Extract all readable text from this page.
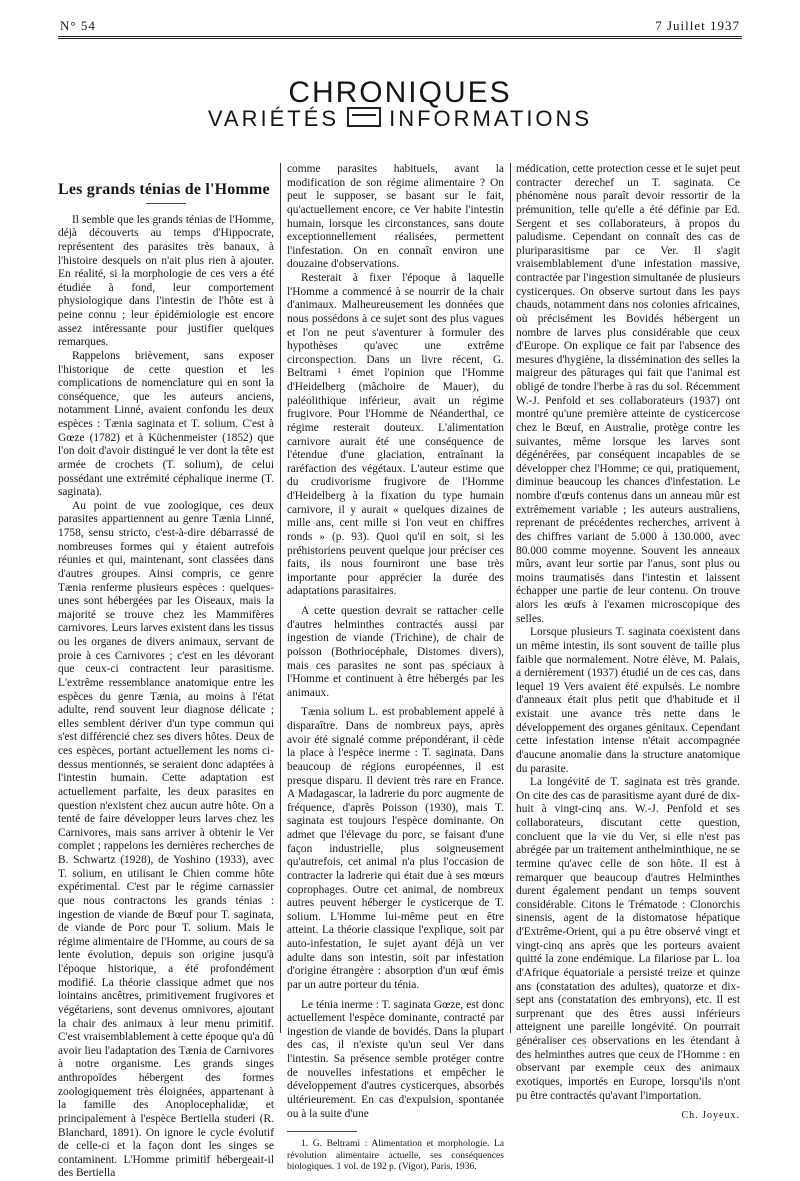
N° 54	7 Juillet 1937
CHRONIQUES
VARIÉTÉS INFORMATIONS
Les grands ténias de l'Homme

Il semble que les grands ténias de l'Homme, déjà découverts au temps d'Hippocrate, représentent des parasites très banaux, à l'histoire desquels on n'ait plus rien à ajouter. En réalité, si la morphologie de ces vers a été étudiée à fond, leur comportement physiologique dans l'intestin de l'hôte est à peine connu ; leur épidémiologie est encore assez intéressante pour justifier quelques remarques.

Rappelons brièvement, sans exposer l'historique de cette question et les complications de nomenclature qui en sont la conséquence, que les auteurs anciens, notamment Linné, avaient confondu les deux espèces : Tænia saginata et T. solium. C'est à Gœze (1782) et à Küchenmeister (1852) que l'on doit d'avoir distingué le ver dont la tête est armée de crochets (T. solium), de celui possédant une extrémité céphalique inerme (T. saginata).

Au point de vue zoologique, ces deux parasites appartiennent au genre Tænia Linné, 1758, sensu stricto, c'est-à-dire débarrassé de nombreuses formes qui y étaient autrefois réunies et qui, maintenant, sont classées dans d'autres groupes. Ainsi compris, ce genre Tænia renferme plusieurs espèces : quelques-unes sont hébergées par les Oiseaux, mais la majorité se trouve chez les Mammifères carnivores. Leurs larves existent dans les tissus ou les organes de divers animaux, servant de proie à ces Carnivores ; c'est en les dévorant que ceux-ci contractent leur parasitisme. L'extrême ressemblance anatomique entre les espèces du genre Tænia, au moins à l'état adulte, rend souvent leur diagnose délicate ; elles semblent dériver d'un type commun qui s'est différencié chez ses divers hôtes. Deux de ces espèces, portant actuellement les noms ci-dessus mentionnés, se seraient donc adaptées à l'intestin humain. Cette adaptation est actuellement parfaite, les deux parasites en question n'existent chez aucun autre hôte. On a tenté de faire développer leurs larves chez les Carnivores, mais sans arriver à obtenir le Ver complet ; rappelons les dernières recherches de B. Schwartz (1928), de Yoshino (1933), avec T. solium, en utilisant le Chien comme hôte expérimental. C'est par le régime carnassier que nous contractons les grands ténias : ingestion de viande de Bœuf pour T. saginata, de viande de Porc pour T. solium. Mais le régime alimentaire de l'Homme, au cours de sa lente évolution, depuis son origine jusqu'à l'époque historique, a été profondément modifié. La théorie classique admet que nos lointains ancêtres, primitivement frugivores et végétariens, sont devenus omnivores, ajoutant la chair des animaux à leur menu primitif. C'est vraisemblablement à cette époque qu'a dû avoir lieu l'adaptation des Tænia de Carnivores à notre organisme. Les grands singes anthropoïdes hébergent des formes zoologiquement très éloignées, appartenant à la famille des Anoplocephalidæ, et principalement à l'espèce Bertiella studeri (R. Blanchard, 1891). On ignore le cycle évolutif de celle-ci et la façon dont les singes se contaminent. L'Homme primitif hébergeait-il des Bertiella

comme parasites habituels, avant la modification de son régime alimentaire ? On peut le supposer, se basant sur le fait, qu'actuellement encore, ce Ver habite l'intestin humain, lorsque les circonstances, sans doute exceptionnellement réalisées, permettent l'infestation. On en connaît environ une douzaine d'observations.

Resterait à fixer l'époque à laquelle l'Homme a commencé à se nourrir de la chair d'animaux. Malheureusement les données que nous possédons à ce sujet sont des plus vagues et l'on ne peut s'aventurer à formuler des hypothèses qu'avec une extrême circonspection. Dans un livre récent, G. Beltrami ¹ émet l'opinion que l'Homme d'Heidelberg (mâchoire de Mauer), du paléolithique inférieur, avait un régime frugivore. Pour l'Homme de Néanderthal, ce régime resterait douteux. L'alimentation carnivore aurait été une conséquence de l'étendue d'une glaciation, entraînant la raréfaction des végétaux. L'auteur estime que du crudivorisme frugivore de l'Homme d'Heidelberg à la fixation du type humain carnivore, il y aurait « quelques dizaines de mille ans, cent mille si l'on veut en chiffres ronds » (p. 93). Quoi qu'il en soit, si les préhistoriens peuvent quelque jour préciser ces faits, ils nous fourniront une base très importante pour apprécier la durée des adaptations parasitaires.

A cette question devrait se rattacher celle d'autres helminthes contractés aussi par ingestion de viande (Trichine), de chair de poisson (Bothriocéphale, Distomes divers), mais ces parasites ne sont pas spéciaux à l'Homme et continuent à être hébergés par les animaux.

Tænia solium L. est probablement appelé à disparaître. Dans de nombreux pays, après avoir été signalé comme prépondérant, il cède la place à l'espèce inerme : T. saginata. Dans beaucoup de régions européennes, il est presque disparu. Il devient très rare en France. A Madagascar, la ladrerie du porc augmente de fréquence, d'après Poisson (1930), mais T. saginata est toujours l'espèce dominante. On admet que l'élevage du porc, se faisant d'une façon industrielle, plus soigneusement qu'autrefois, cet animal n'a plus l'occasion de contracter la ladrerie qui était due à ses mœurs coprophages. Outre cet animal, de nombreux autres peuvent héberger le cysticerque de T. solium. L'Homme lui-même peut en être atteint. La théorie classique l'explique, soit par auto-infestation, le sujet ayant déjà un ver adulte dans son intestin, soit par infestation d'origine étrangère : absorption d'un œuf émis par un autre porteur du ténia.

Le ténia inerme : T. saginata Gœze, est donc actuellement l'espèce dominante, contracté par ingestion de viande de bovidés. Dans la plupart des cas, il n'existe qu'un seul Ver dans l'intestin. Sa présence semble protéger contre de nouvelles infestations et empêcher le développement d'autres cysticerques, absorbés ultérieurement. En cas d'expulsion, spontanée ou à la suite d'une

1. G. Beltrami : Alimentation et morphologie. La révolution alimentaire actuelle, ses conséquences biologiques. 1 vol. de 192 p. (Vigot), Paris, 1936.

médication, cette protection cesse et le sujet peut contracter derechef un T. saginata. Ce phénomène nous paraît devoir ressortir de la prémunition, telle qu'elle a été définie par Ed. Sergent et ses collaborateurs, à propos du paludisme. Cependant on connaît des cas de pluriparasitisme par ce Ver. Il s'agit vraisemblablement d'une infestation massive, contractée par l'ingestion simultanée de plusieurs cysticerques. On observe surtout dans les pays chauds, notamment dans nos colonies africaines, où précisément les Bovidés hébergent un nombre de larves plus considérable que ceux d'Europe. On explique ce fait par l'absence des mesures d'hygiène, la dissémination des selles la maigreur des pâturages qui fait que l'animal est obligé de tondre l'herbe à ras du sol. Récemment W.-J. Penfold et ses collaborateurs (1937) ont montré qu'une première atteinte de cysticercose chez le Bœuf, en Australie, protège contre les suivantes, même lorsque les larves sont dégénérées, par conséquent incapables de se développer chez l'Homme; ce qui, pratiquement, diminue beaucoup les chances d'infestation. Le nombre d'œufs contenus dans un anneau mûr est extrêmement variable ; les auteurs australiens, reprenant de précédentes recherches, arrivent à des chiffres variant de 5.000 à 130.000, avec 80.000 comme moyenne. Souvent les anneaux mûrs, avant leur sortie par l'anus, sont plus ou moins traumatisés dans l'intestin et laissent échapper une partie de leur contenu. On trouve alors les œufs à l'examen microscopique des selles.

Lorsque plusieurs T. saginata coexistent dans un même intestin, ils sont souvent de taille plus faible que normalement. Notre élève, M. Palais, a dernièrement (1937) étudié un de ces cas, dans lequel 19 Vers avaient été expulsés. Le nombre d'anneaux était plus petit que d'habitude et il existait une avance très nette dans le développement des organes génitaux. Cependant cette infestation intense n'était accompagnée d'aucune anomalie dans la structure anatomique du parasite.

La longévité de T. saginata est très grande. On cite des cas de parasitisme ayant duré de dix-huit à vingt-cinq ans. W.-J. Penfold et ses collaborateurs, discutant cette question, concluent que la vie du Ver, si elle n'est pas abrégée par un traitement anthelminthique, ne se termine qu'avec celle de son hôte. Il est à remarquer que beaucoup d'autres Helminthes durent également pendant un temps souvent considérable. Citons le Trématode : Clonorchis sinensis, agent de la distomatose hépatique d'Extrême-Orient, qui a pu être observé vingt et vingt-cinq ans après que les porteurs avaient quitté la zone endémique. La filariose par L. loa d'Afrique équatoriale a persisté treize et quinze ans (constatation des adultes), quatorze et dix-sept ans (constatation des embryons), etc. Il est surprenant que des êtres aussi inférieurs atteignent une pareille longévité. On pourrait généraliser ces observations en les étendant à des helminthes autres que ceux de l'Homme : en observant par exemple ceux des animaux exotiques, importés en Europe, lorsqu'ils n'ont pu être contractés qu'avant l'importation.

Ch. Joyeux.
